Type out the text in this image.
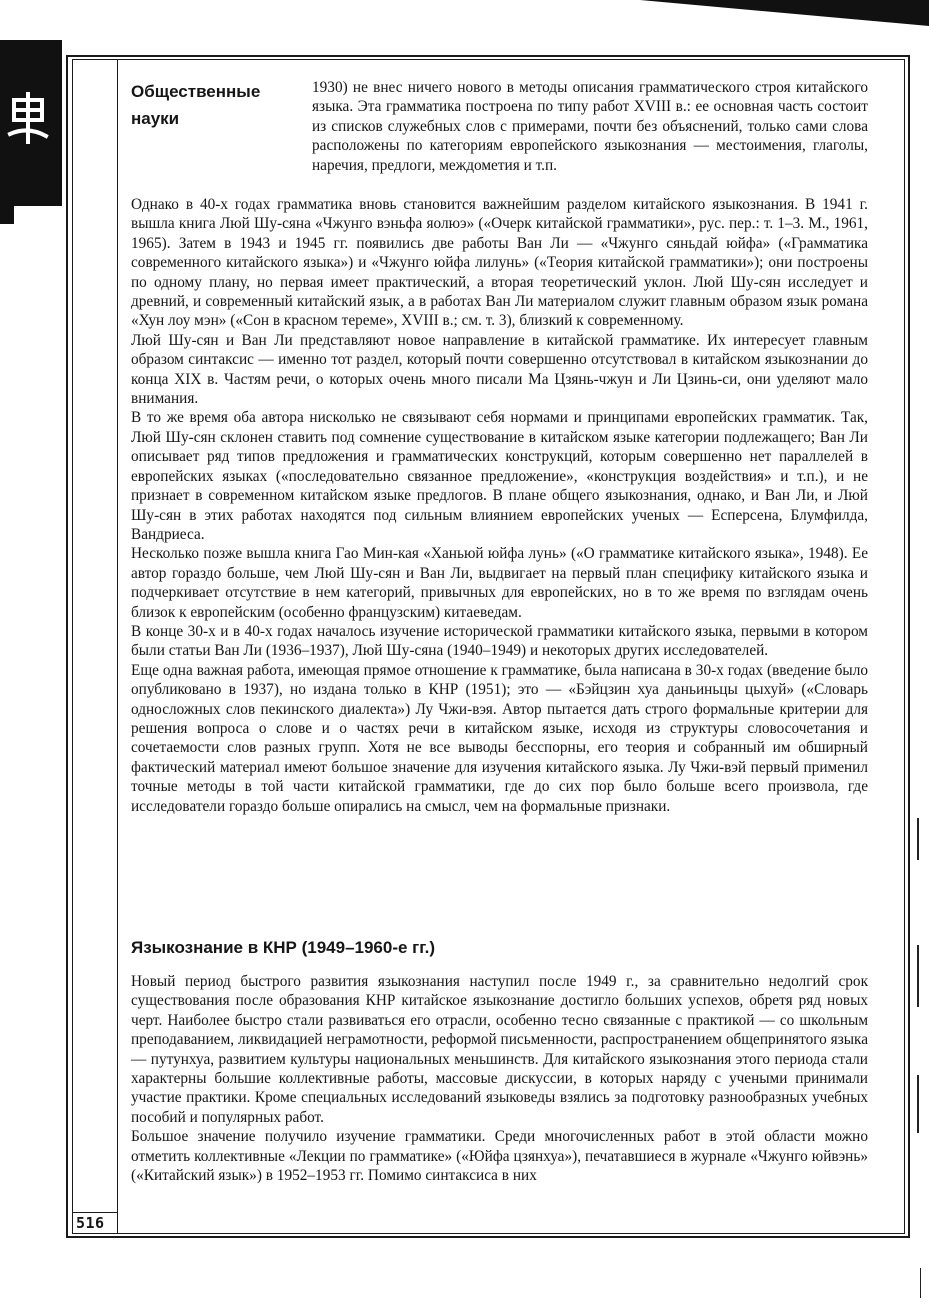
516
Общественные науки

1930) не внес ничего нового в методы описания грамматического строя китайского языка. Эта грамматика построена по типу работ XVIII в.: ее основная часть состоит из списков служебных слов с примерами, почти без объяснений, только сами слова расположены по категориям европейского языкознания — местоимения, глаголы, наречия, предлоги, междометия и т.п.

Однако в 40-х годах грамматика вновь становится важнейшим разделом китайского языкознания. В 1941 г. вышла книга Люй Шу-сяна «Чжунго вэньфа яолюэ» («Очерк китайской грамматики», рус. пер.: т. 1–3. М., 1961, 1965). Затем в 1943 и 1945 гг. появились две работы Ван Ли — «Чжунго сяньдай юйфа» («Грамматика современного китайского языка») и «Чжунго юйфа лилунь» («Теория китайской грамматики»); они построены по одному плану, но первая имеет практический, а вторая теоретический уклон. Люй Шу-сян исследует и древний, и современный китайский язык, а в работах Ван Ли материалом служит главным образом язык романа «Хун лоу мэн» («Сон в красном тереме», XVIII в.; см. т. 3), близкий к современному.

Люй Шу-сян и Ван Ли представляют новое направление в китайской грамматике. Их интересует главным образом синтаксис — именно тот раздел, который почти совершенно отсутствовал в китайском языкознании до конца XIX в. Частям речи, о которых очень много писали Ма Цзянь-чжун и Ли Цзинь-си, они уделяют мало внимания.

В то же время оба автора нисколько не связывают себя нормами и принципами европейских грамматик. Так, Люй Шу-сян склонен ставить под сомнение существование в китайском языке категории подлежащего; Ван Ли описывает ряд типов предложения и грамматических конструкций, которым совершенно нет параллелей в европейских языках («последовательно связанное предложение», «конструкция воздействия» и т.п.), и не признает в современном китайском языке предлогов. В плане общего языкознания, однако, и Ван Ли, и Люй Шу-сян в этих работах находятся под сильным влиянием европейских ученых — Есперсена, Блумфилда, Вандриеса.

Несколько позже вышла книга Гао Мин-кая «Ханьюй юйфа лунь» («О грамматике китайского языка», 1948). Ее автор гораздо больше, чем Люй Шу-сян и Ван Ли, выдвигает на первый план специфику китайского языка и подчеркивает отсутствие в нем категорий, привычных для европейских, но в то же время по взглядам очень близок к европейским (особенно французским) китаеведам.

В конце 30-х и в 40-х годах началось изучение исторической грамматики китайского языка, первыми в котором были статьи Ван Ли (1936–1937), Люй Шу-сяна (1940–1949) и некоторых других исследователей.

Еще одна важная работа, имеющая прямое отношение к грамматике, была написана в 30-х годах (введение было опубликовано в 1937), но издана только в КНР (1951); это — «Бэйцзин хуа даньиньцы цыхуй» («Словарь односложных слов пекинского диалекта») Лу Чжи-вэя. Автор пытается дать строго формальные критерии для решения вопроса о слове и о частях речи в китайском языке, исходя из структуры словосочетания и сочетаемости слов разных групп. Хотя не все выводы бесспорны, его теория и собранный им обширный фактический материал имеют большое значение для изучения китайского языка. Лу Чжи-вэй первый применил точные методы в той части китайской грамматики, где до сих пор было больше всего произвола, где исследователи гораздо больше опирались на смысл, чем на формальные признаки.

Языкознание в КНР (1949–1960-е гг.)

Новый период быстрого развития языкознания наступил после 1949 г., за сравнительно недолгий срок существования после образования КНР китайское языкознание достигло больших успехов, обретя ряд новых черт. Наиболее быстро стали развиваться его отрасли, особенно тесно связанные с практикой — со школьным преподаванием, ликвидацией неграмотности, реформой письменности, распространением общепринятого языка — путунхуа, развитием культуры национальных меньшинств. Для китайского языкознания этого периода стали характерны большие коллективные работы, массовые дискуссии, в которых наряду с учеными принимали участие практики. Кроме специальных исследований языковеды взялись за подготовку разнообразных учебных пособий и популярных работ.

Большое значение получило изучение грамматики. Среди многочисленных работ в этой области можно отметить коллективные «Лекции по грамматике» («Юйфа цзянхуа»), печатавшиеся в журнале «Чжунго юйвэнь» («Китайский язык») в 1952–1953 гг. Помимо синтаксиса в них
